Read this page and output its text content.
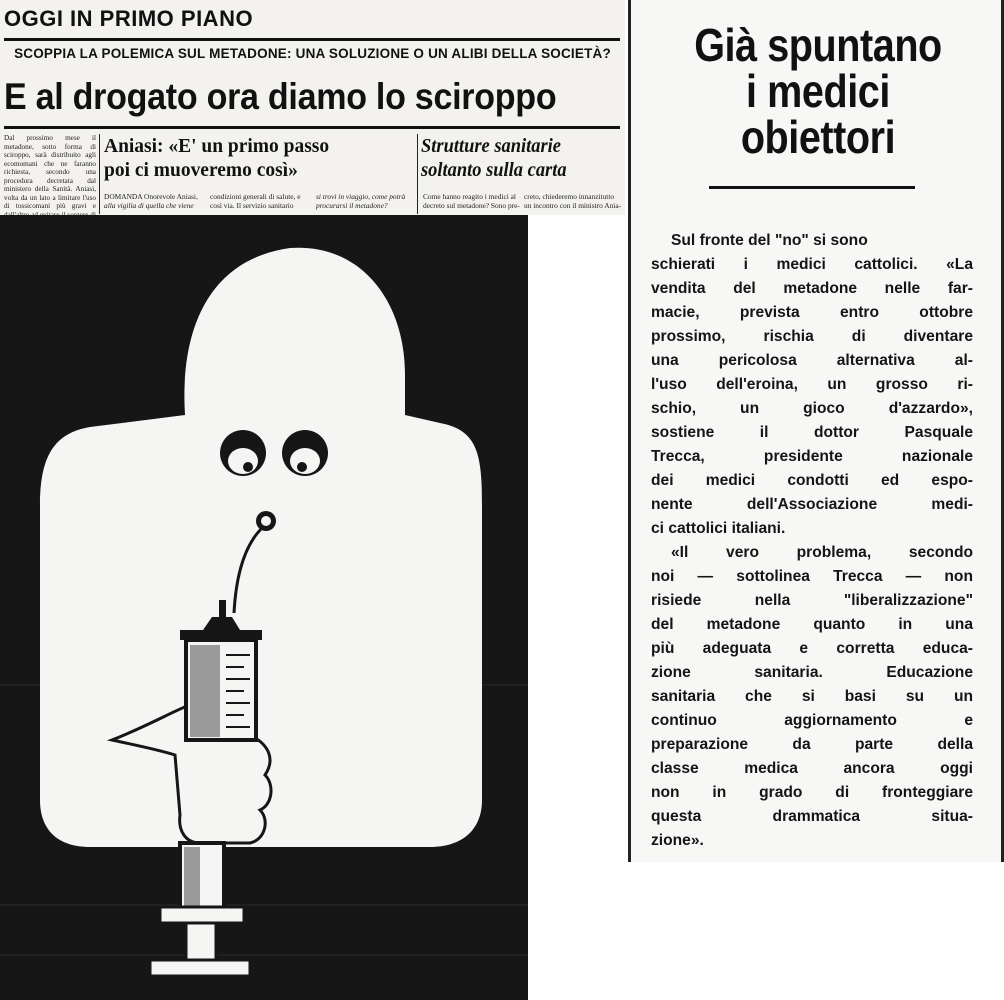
OGGI IN PRIMO PIANO
SCOPPIA LA POLEMICA SUL METADONE: UNA SOLUZIONE O UN ALIBI DELLA SOCIETÀ?
E al drogato ora diamo lo sciroppo
Dal prossimo mese il metadone, sotto forma di sciroppo, sarà distribuito agli ecomomani che ne faranno richiesta, secondo una procedura decretata dal ministero della Sanità. Aniasi, volta da un lato a limitare l'uso di tossicomani più gravi e
Aniasi: «E' un primo passo
poi ci muoveremo così»
Strutture sanitarie
soltanto sulla carta
DOMANDA Onorevole Aniasi,
alla vigilia di quella che viene
condizioni generali di salute, e
così via. Il servizio sanitario
si trovi in viaggio, come potrà
procurarsi il metadone?
Come hanno reagito i medici al
decreto sul metadone? Sono pre-
creto, chiederemo innanzitutto
un incontro con il ministro Ania-
Già spuntano
i medici
obiettori
Sul fronte del "no" si sono
schierati i medici cattolici. «La
vendita del metadone nelle far-
macie, prevista entro ottobre
prossimo, rischia di diventare
una pericolosa alternativa al-
l'uso dell'eroina, un grosso ri-
schio, un gioco d'azzardo»,
sostiene il dottor Pasquale
Trecca, presidente nazionale
dei medici condotti ed espo-
nente dell'Associazione medi-
ci cattolici italiani.
«Il vero problema, secondo
noi — sottolinea Trecca — non
risiede nella "liberalizzazione"
del metadone quanto in una
più adeguata e corretta educa-
zione sanitaria. Educazione
sanitaria che si basi su un
continuo aggiornamento e
preparazione da parte della
classe medica ancora oggi
non in grado di fronteggiare
questa drammatica situa-
zione».
